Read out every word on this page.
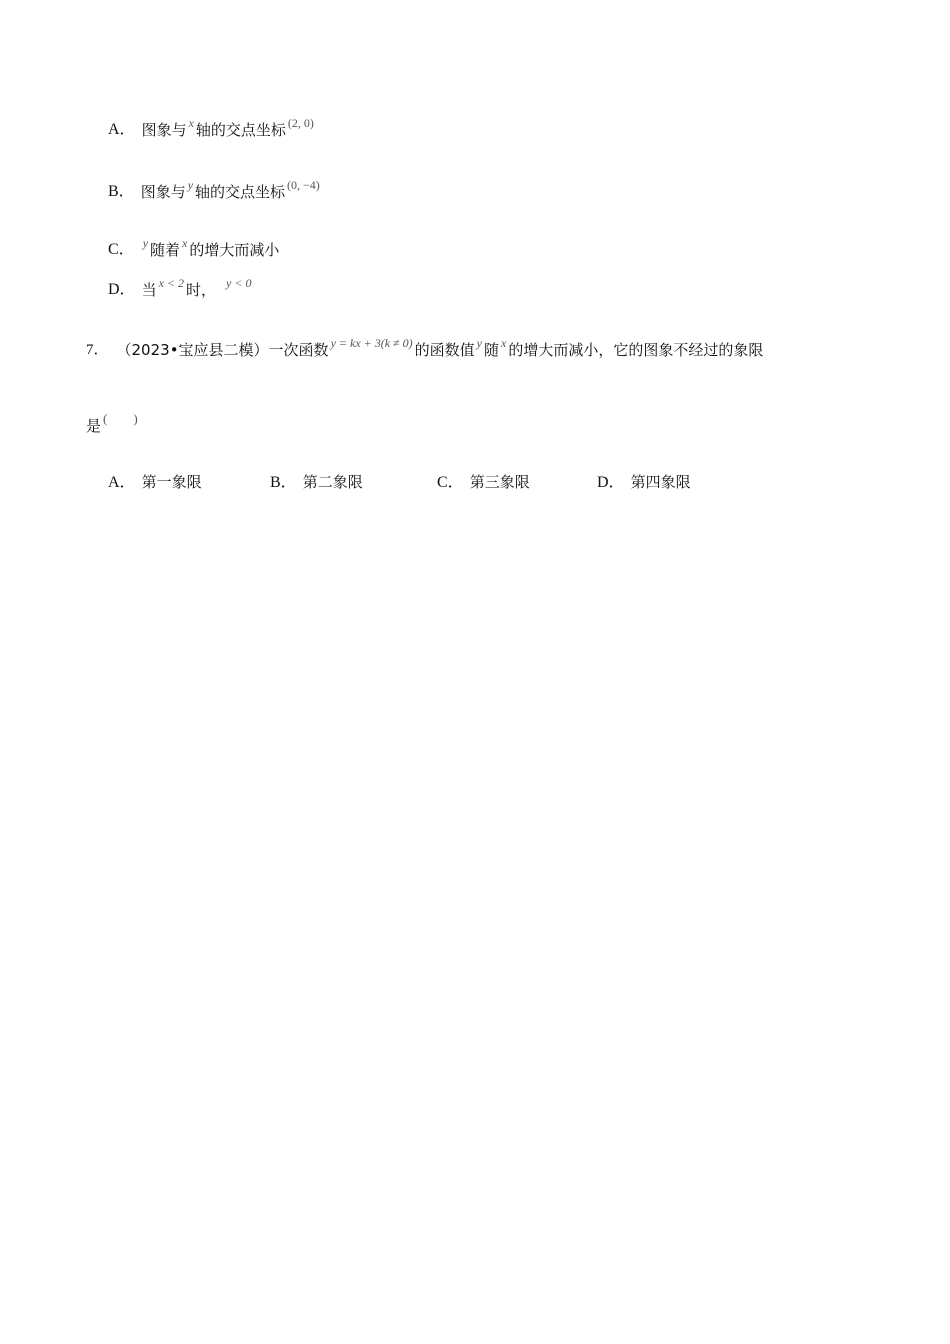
A． 图象与 x 轴的交点坐标 (2, 0)
B． 图象与 y 轴的交点坐标 (0, −4)
C． y 随着 x 的增大而减小
D． 当 x < 2 时， y < 0
7． （2023•宝应县二模） 一次函数 y = kx + 3(k ≠ 0) 的函数值 y 随 x 的增大而减小，它的图象不经过的象限
是 (　　)
A． 第一象限	B． 第二象限	C． 第三象限	D． 第四象限
